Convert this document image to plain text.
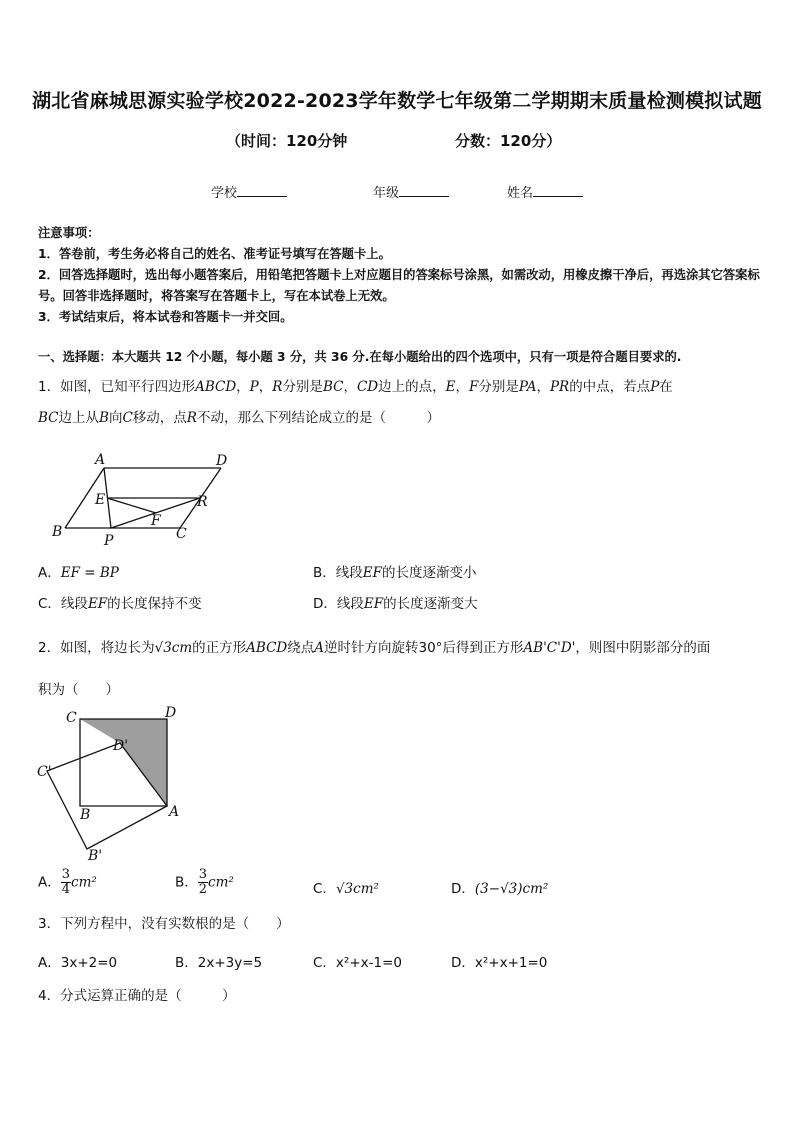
湖北省麻城思源实验学校2022-2023学年数学七年级第二学期期末质量检测模拟试题
（时间：120分钟	分数：120分）
学校	年级	姓名

注意事项：

1．答卷前，考生务必将自己的姓名、准考证号填写在答题卡上。

2．回答选择题时，选出每小题答案后，用铅笔把答题卡上对应题目的答案标号涂黑，如需改动，用橡皮擦干净后，再选涂其它答案标号。回答非选择题时，将答案写在答题卡上，写在本试卷上无效。

3．考试结束后，将本试卷和答题卡一并交回。

一、选择题：本大题共 12 个小题，每小题 3 分，共 36 分.在每小题给出的四个选项中，只有一项是符合题目要求的.
1．如图，已知平行四边形ABCD，P，R分别是BC，CD边上的点，E，F分别是PA，PR的中点，若点P在
BC边上从B向C移动，点R不动，那么下列结论成立的是（　　　）
A	D
E	R
F
B
P	C
A．EF = BP	B．线段EF的长度逐渐变小
C．线段EF的长度保持不变	D．线段EF的长度逐渐变大
2．如图，将边长为√3cm的正方形ABCD绕点A逆时针方向旋转30°后得到正方形AB'C'D'，则图中阴影部分的面
积为（　　）
C	D
D'
C'
B	A
B'
A． $\frac{3}{4} cm^2$	B． $\frac{3}{2} cm^2$	C．√3cm²	D．(3−√3)cm²
3．下列方程中，没有实数根的是（　　）
A．3x+2=0	B．2x+3y=5	C．x²+x-1=0	D．x²+x+1=0
4．分式运算正确的是（　　　）
